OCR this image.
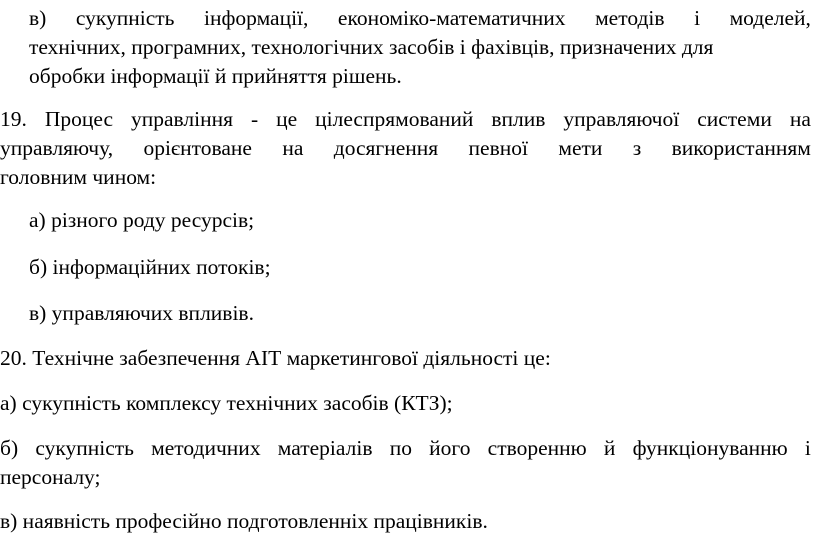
в) сукупність інформації, економіко-математичних методів і моделей,
технічних, програмних, технологічних засобів і фахівців, призначених для
обробки інформації й прийняття рішень.
19. Процес управління - це цілеспрямований вплив управляючої системи на
управляючу, орієнтоване на досягнення певної мети з використанням
головним чином:
а) різного роду ресурсів;
б) інформаційних потоків;
в) управляючих впливів.
20. Технічне забезпечення АІТ маркетингової діяльності це:
а) сукупність комплексу технічних засобів (КТЗ);
б) сукупність методичних матеріалів по його створенню й функціонуванню і
персоналу;
в) наявність професійно подготовленніх працівників.
